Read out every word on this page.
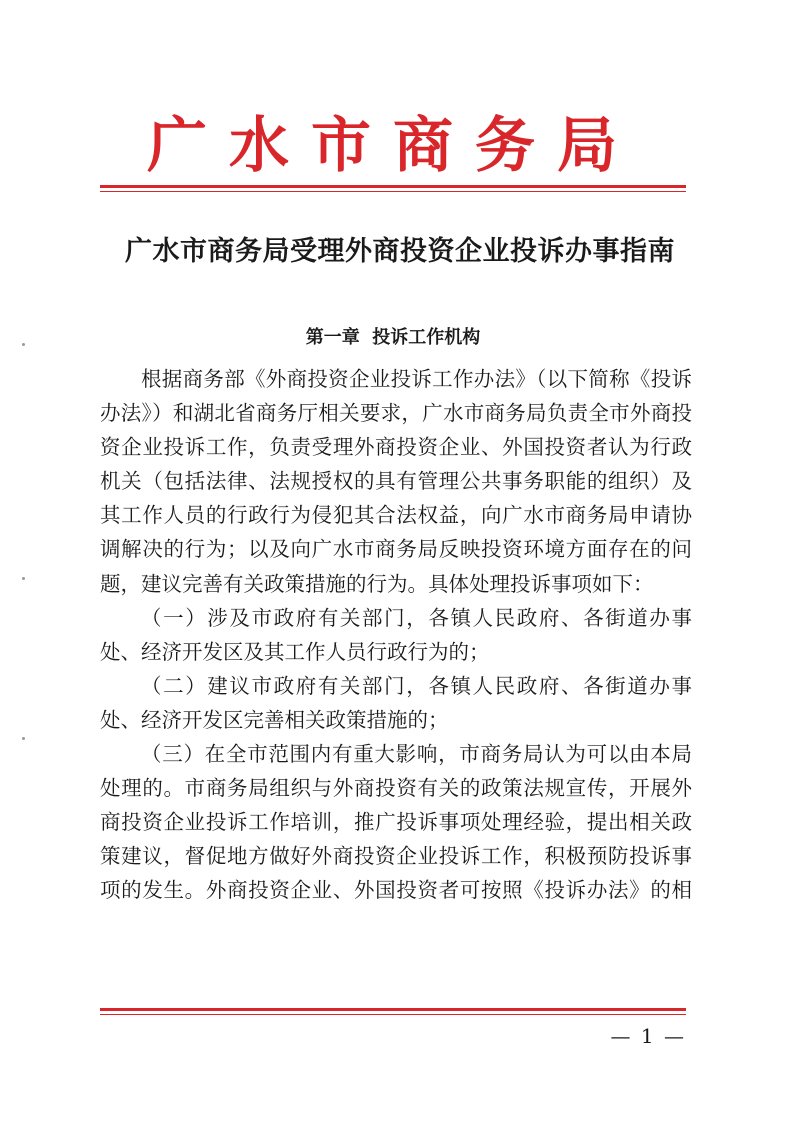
广水市商务局
广水市商务局受理外商投资企业投诉办事指南
第一章  投诉工作机构

根据商务部《外商投资企业投诉工作办法》（以下简称《投诉办法》）和湖北省商务厅相关要求，广水市商务局负责全市外商投资企业投诉工作，负责受理外商投资企业、外国投资者认为行政机关（包括法律、法规授权的具有管理公共事务职能的组织）及其工作人员的行政行为侵犯其合法权益，向广水市商务局申请协调解决的行为；以及向广水市商务局反映投资环境方面存在的问题，建议完善有关政策措施的行为。具体处理投诉事项如下：

（一）涉及市政府有关部门，各镇人民政府、各街道办事处、经济开发区及其工作人员行政行为的；

（二）建议市政府有关部门，各镇人民政府、各街道办事处、经济开发区完善相关政策措施的；

（三）在全市范围内有重大影响，市商务局认为可以由本局处理的。市商务局组织与外商投资有关的政策法规宣传，开展外商投资企业投诉工作培训，推广投诉事项处理经验，提出相关政策建议，督促地方做好外商投资企业投诉工作，积极预防投诉事项的发生。外商投资企业、外国投资者可按照《投诉办法》的相

— 1 —
